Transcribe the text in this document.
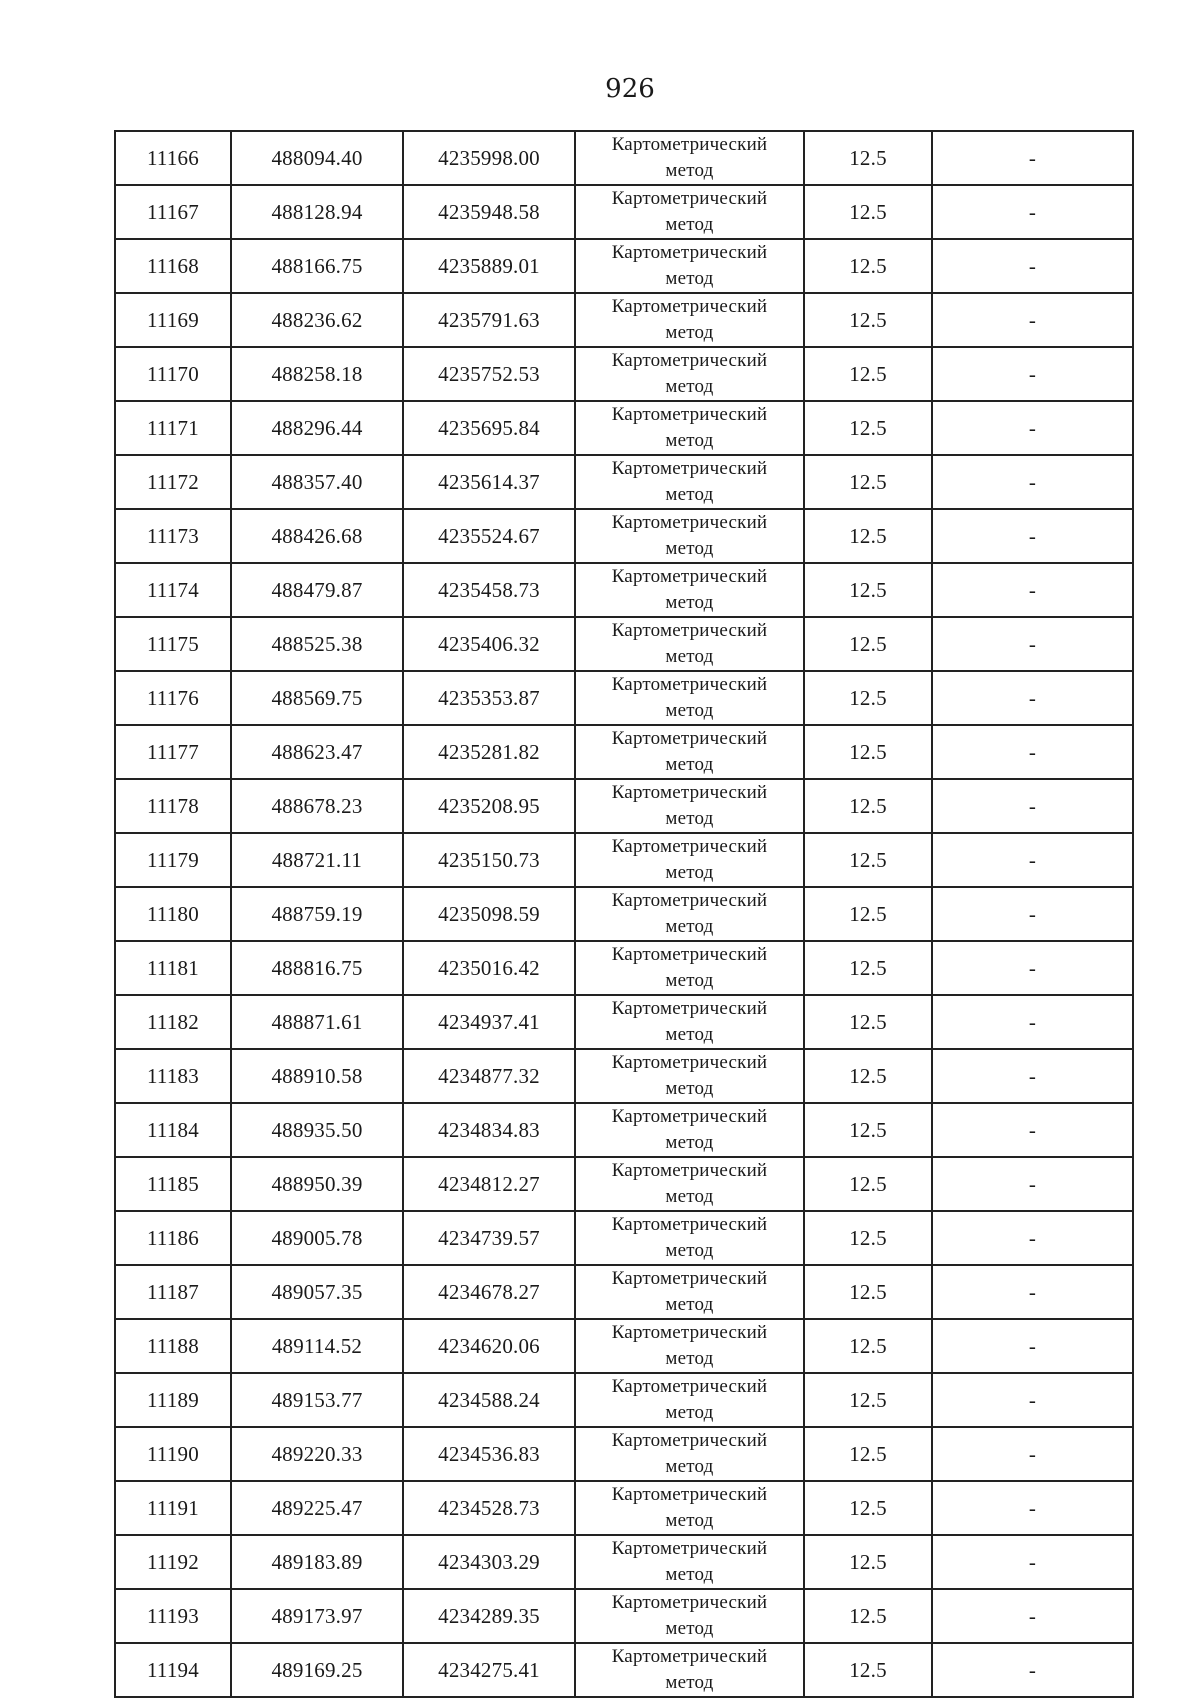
926
11166	488094.40	4235998.00	Картометрический
метод	12.5	-
11167	488128.94	4235948.58	Картометрический
метод	12.5	-
11168	488166.75	4235889.01	Картометрический
метод	12.5	-
11169	488236.62	4235791.63	Картометрический
метод	12.5	-
11170	488258.18	4235752.53	Картометрический
метод	12.5	-
11171	488296.44	4235695.84	Картометрический
метод	12.5	-
11172	488357.40	4235614.37	Картометрический
метод	12.5	-
11173	488426.68	4235524.67	Картометрический
метод	12.5	-
11174	488479.87	4235458.73	Картометрический
метод	12.5	-
11175	488525.38	4235406.32	Картометрический
метод	12.5	-
11176	488569.75	4235353.87	Картометрический
метод	12.5	-
11177	488623.47	4235281.82	Картометрический
метод	12.5	-
11178	488678.23	4235208.95	Картометрический
метод	12.5	-
11179	488721.11	4235150.73	Картометрический
метод	12.5	-
11180	488759.19	4235098.59	Картометрический
метод	12.5	-
11181	488816.75	4235016.42	Картометрический
метод	12.5	-
11182	488871.61	4234937.41	Картометрический
метод	12.5	-
11183	488910.58	4234877.32	Картометрический
метод	12.5	-
11184	488935.50	4234834.83	Картометрический
метод	12.5	-
11185	488950.39	4234812.27	Картометрический
метод	12.5	-
11186	489005.78	4234739.57	Картометрический
метод	12.5	-
11187	489057.35	4234678.27	Картометрический
метод	12.5	-
11188	489114.52	4234620.06	Картометрический
метод	12.5	-
11189	489153.77	4234588.24	Картометрический
метод	12.5	-
11190	489220.33	4234536.83	Картометрический
метод	12.5	-
11191	489225.47	4234528.73	Картометрический
метод	12.5	-
11192	489183.89	4234303.29	Картометрический
метод	12.5	-
11193	489173.97	4234289.35	Картометрический
метод	12.5	-
11194	489169.25	4234275.41	Картометрический
метод	12.5	-
